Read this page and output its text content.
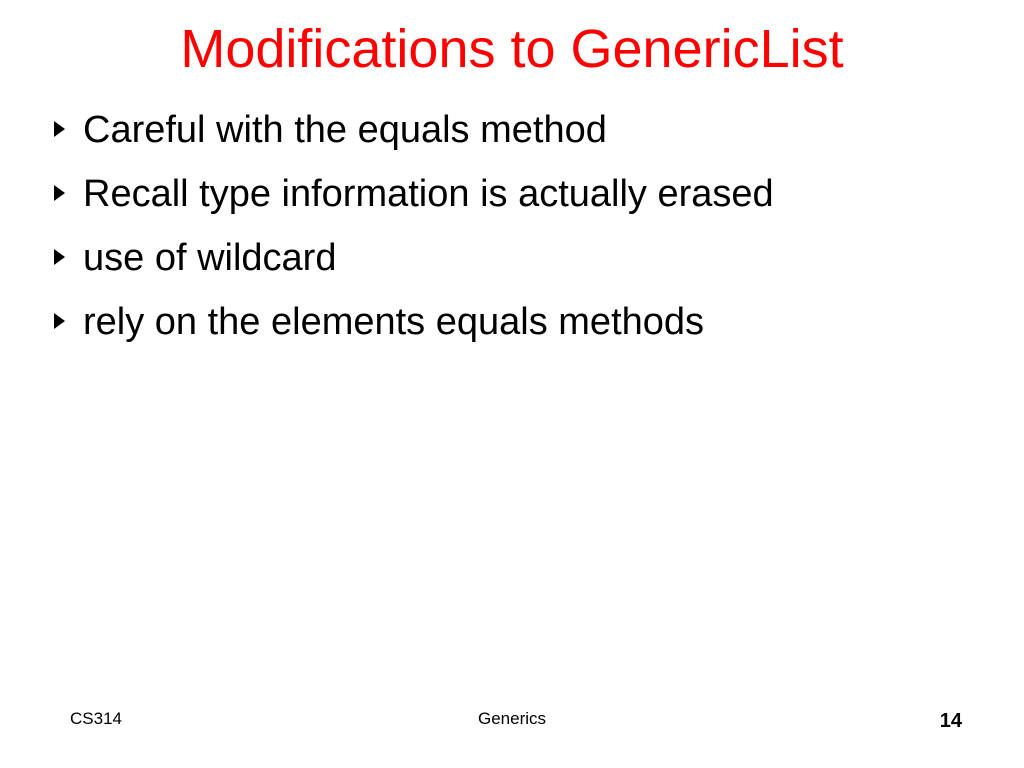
Modifications to GenericList
Careful with the equals method
Recall type information is actually erased
use of wildcard
rely on the elements equals methods
CS314	Generics	14
